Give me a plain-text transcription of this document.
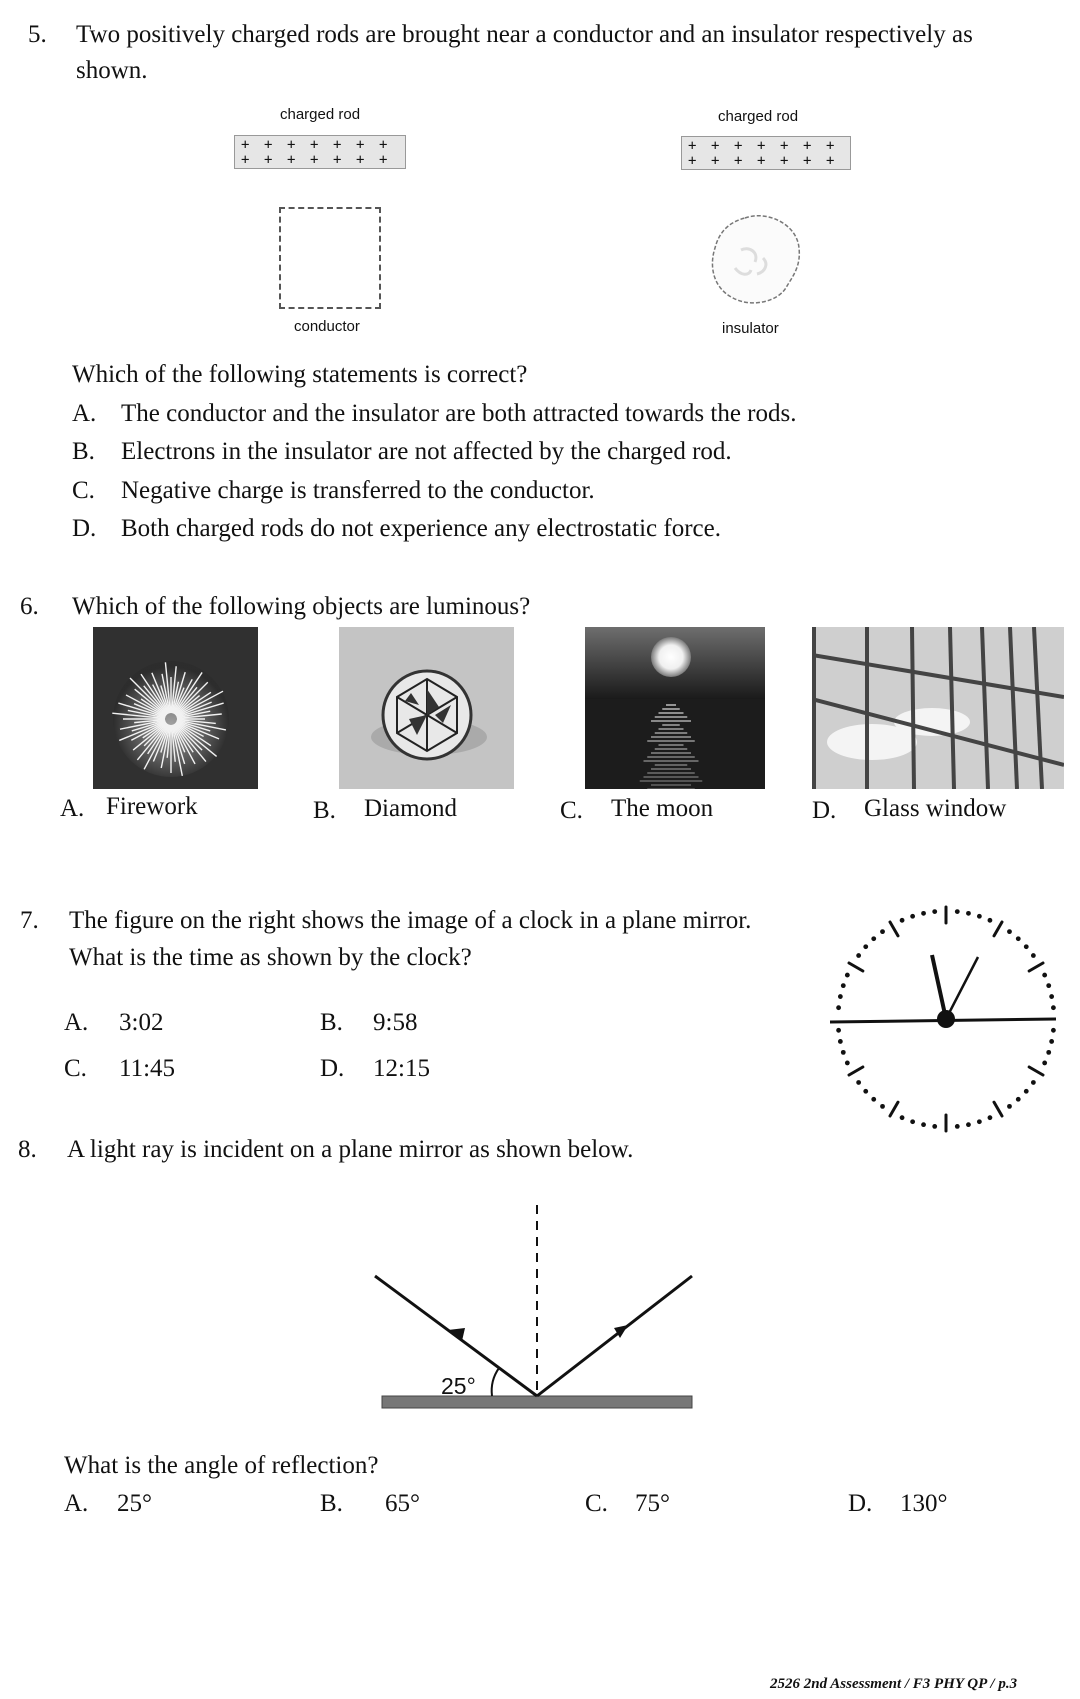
5. Two positively charged rods are brought near a conductor and an insulator respectively as
shown.
charged rod
+ + + + + + +
+ + + + + + +
charged rod
+ + + + + + +
+ + + + + + +
conductor	insulator
Which of the following statements is correct?
A. The conductor and the insulator are both attracted towards the rods.
B. Electrons in the insulator are not affected by the charged rod.
C. Negative charge is transferred to the conductor.
D. Both charged rods do not experience any electrostatic force.
6. Which of the following objects are luminous?
A. Firework	B. Diamond	C. The moon	D. Glass window
7. The figure on the right shows the image of a clock in a plane mirror.
What is the time as shown by the clock?
A. 3:02	B. 9:58
C. 11:45	D. 12:15
8. A light ray is incident on a plane mirror as shown below.
25°
What is the angle of reflection?
A. 25°	B. 65°	C. 75°	D. 130°
2526 2nd Assessment / F3 PHY QP / p.3
